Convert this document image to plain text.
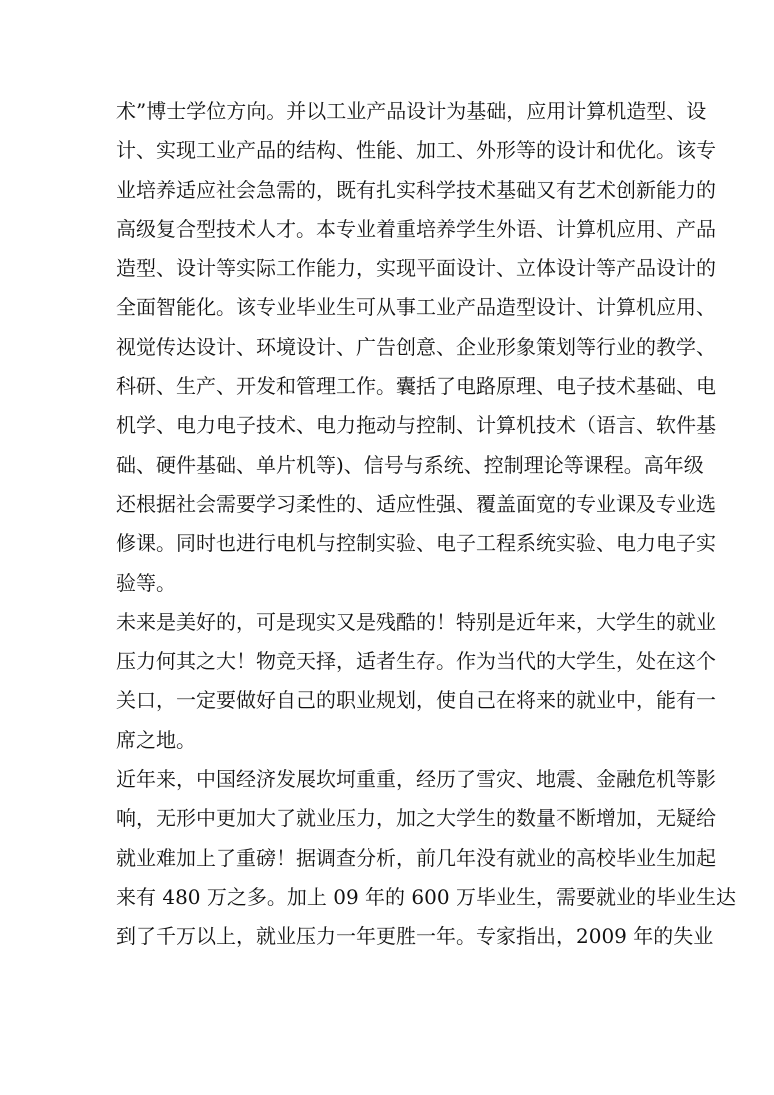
术”博士学位方向。并以工业产品设计为基础，应用计算机造型、设
计、实现工业产品的结构、性能、加工、外形等的设计和优化。该专
业培养适应社会急需的，既有扎实科学技术基础又有艺术创新能力的
高级复合型技术人才。本专业着重培养学生外语、计算机应用、产品
造型、设计等实际工作能力，实现平面设计、立体设计等产品设计的
全面智能化。该专业毕业生可从事工业产品造型设计、计算机应用、
视觉传达设计、环境设计、广告创意、企业形象策划等行业的教学、
科研、生产、开发和管理工作。囊括了电路原理、电子技术基础、电
机学、电力电子技术、电力拖动与控制、计算机技术（语言、软件基
础、硬件基础、单片机等)、信号与系统、控制理论等课程。高年级
还根据社会需要学习柔性的、适应性强、覆盖面宽的专业课及专业选
修课。同时也进行电机与控制实验、电子工程系统实验、电力电子实
验等。
未来是美好的，可是现实又是残酷的！特别是近年来，大学生的就业
压力何其之大！物竞天择，适者生存。作为当代的大学生，处在这个
关口，一定要做好自己的职业规划，使自己在将来的就业中，能有一
席之地。
近年来，中国经济发展坎坷重重，经历了雪灾、地震、金融危机等影
响，无形中更加大了就业压力，加之大学生的数量不断增加，无疑给
就业难加上了重磅！据调查分析，前几年没有就业的高校毕业生加起
来有 480 万之多。加上 09 年的 600 万毕业生，需要就业的毕业生达
到了千万以上，就业压力一年更胜一年。专家指出，2009 年的失业
